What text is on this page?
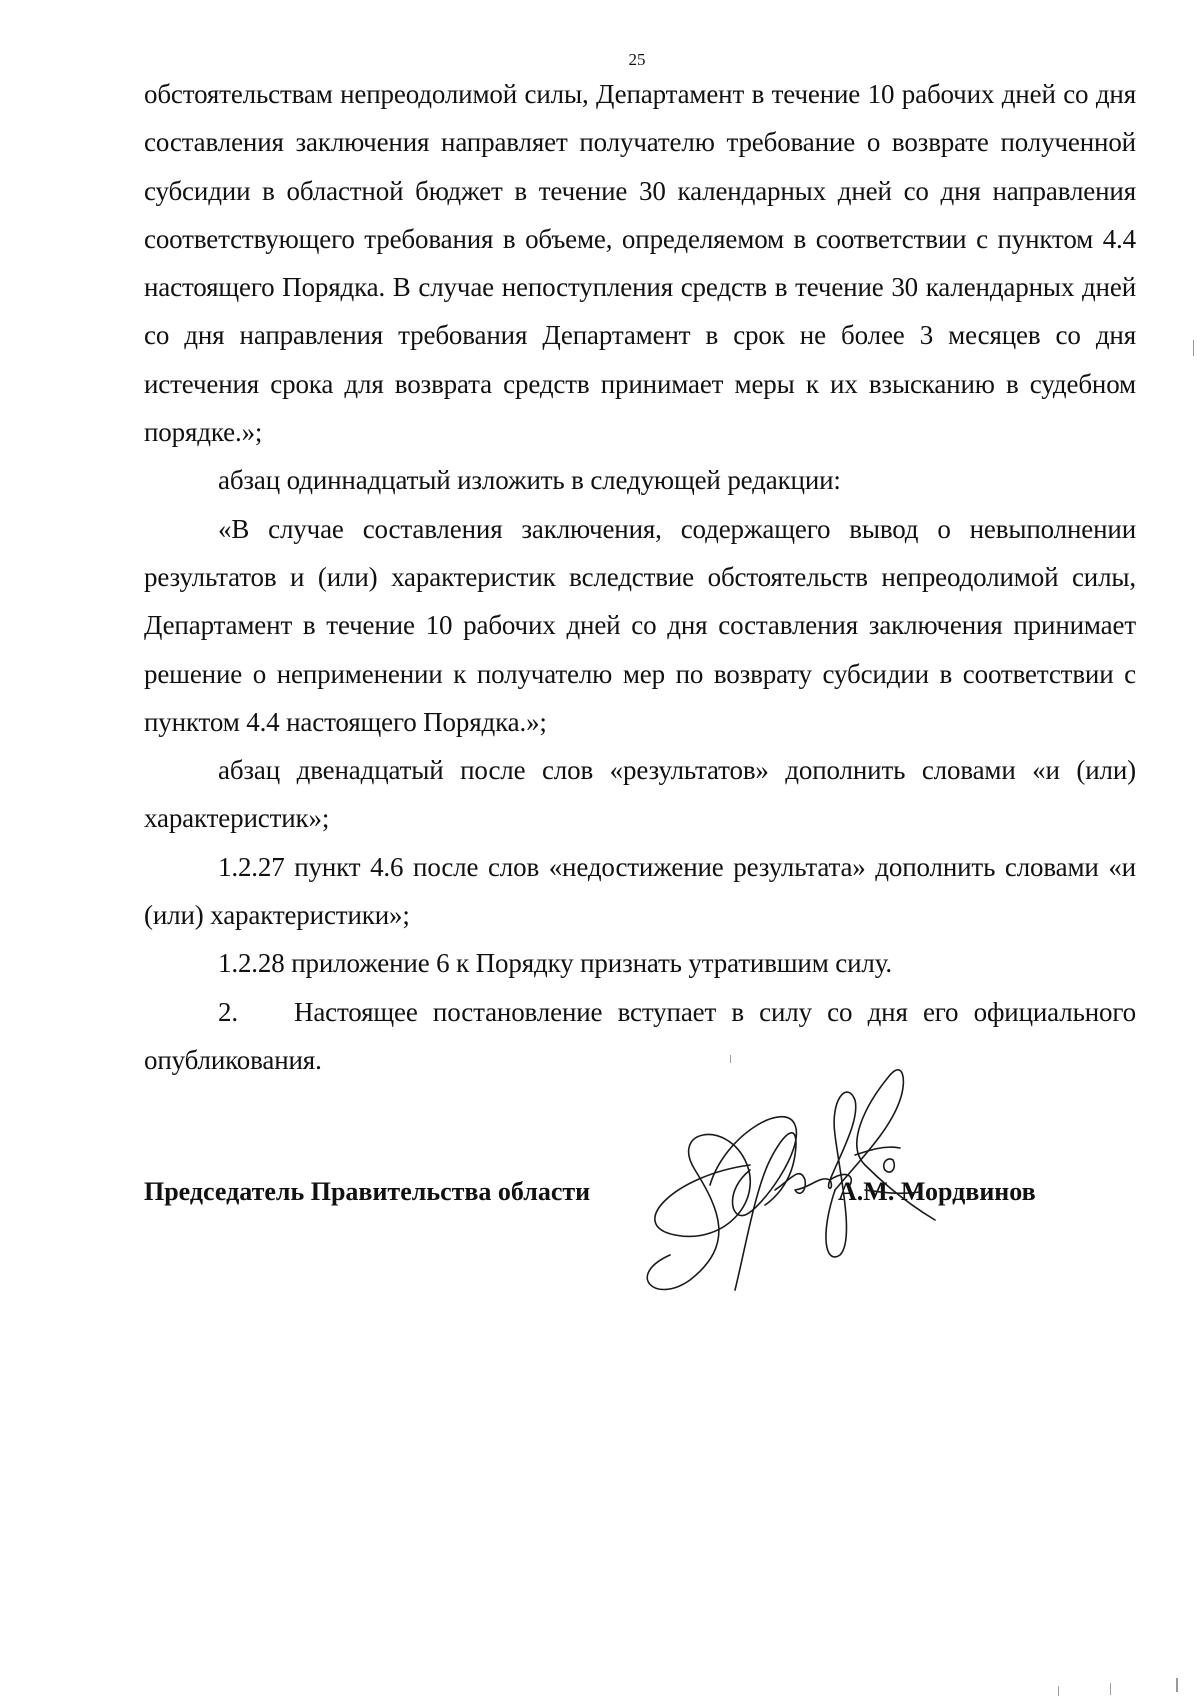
25

обстоятельствам непреодолимой силы, Департамент в течение 10 рабочих дней со дня составления заключения направляет получателю требование о возврате полученной субсидии в областной бюджет в течение 30 календарных дней со дня направления соответствующего требования в объеме, определяемом в соответствии с пунктом 4.4 настоящего Порядка. В случае непоступления средств в течение 30 календарных дней со дня направления требования Департамент в срок не более 3 месяцев со дня истечения срока для возврата средств принимает меры к их взысканию в судебном порядке.»;

абзац одиннадцатый изложить в следующей редакции:

«В случае составления заключения, содержащего вывод о невыполнении результатов и (или) характеристик вследствие обстоятельств непреодолимой силы, Департамент в течение 10 рабочих дней со дня составления заключения принимает решение о неприменении к получателю мер по возврату субсидии в соответствии с пунктом 4.4 настоящего Порядка.»;

абзац двенадцатый после слов «результатов» дополнить словами «и (или) характеристик»;

1.2.27 пункт 4.6 после слов «недостижение результата» дополнить словами «и (или) характеристики»;

1.2.28 приложение 6 к Порядку признать утратившим силу.

2. Настоящее постановление вступает в силу со дня его официального опубликования.

Председатель Правительства области	А.М. Мордвинов
